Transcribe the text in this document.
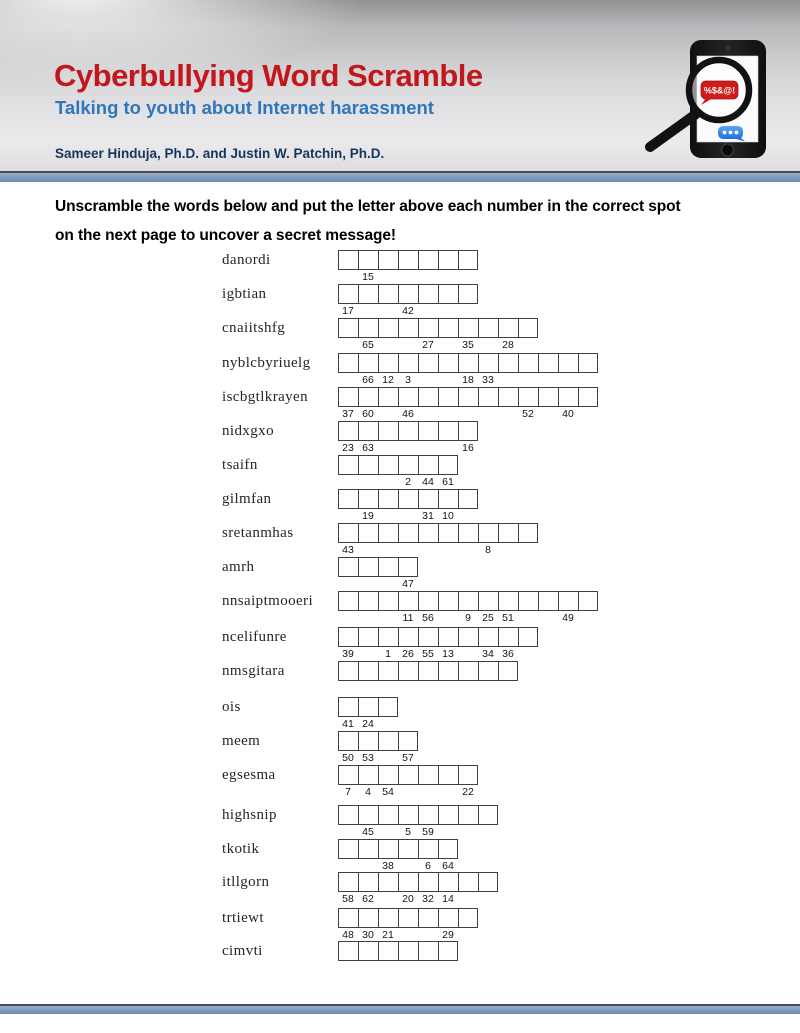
Cyberbullying Word Scramble
Talking to youth about Internet harassment
Sameer Hinduja, Ph.D. and Justin W. Patchin, Ph.D.
%$&@!
Unscramble the words below and put the letter above each number in the correct spot
on the next page to uncover a secret message!
danordi
15
igbtian
17	42
cnaiitshfg
65	27	35	28
nyblcbyriuelg
66 12 3	18 33
iscbgtlkrayen
37 60	46	52	40
nidxgxo
23 63	16
tsaifn
2 44 61
gilmfan
19	31 10
sretanmhas
43	8
amrh
47
nnsaiptmooeri
11 56	9 25 51	49
ncelifunre
39	1 26 55 13	34 36
nmsgitara
ois
41 24
meem
50 53	57
egsesma
7 4 54	22
highsnip
45	5 59
tkotik
38	6 64
itllgorn
58 62	20 32 14
trtiewt
48 30 21	29
cimvti
